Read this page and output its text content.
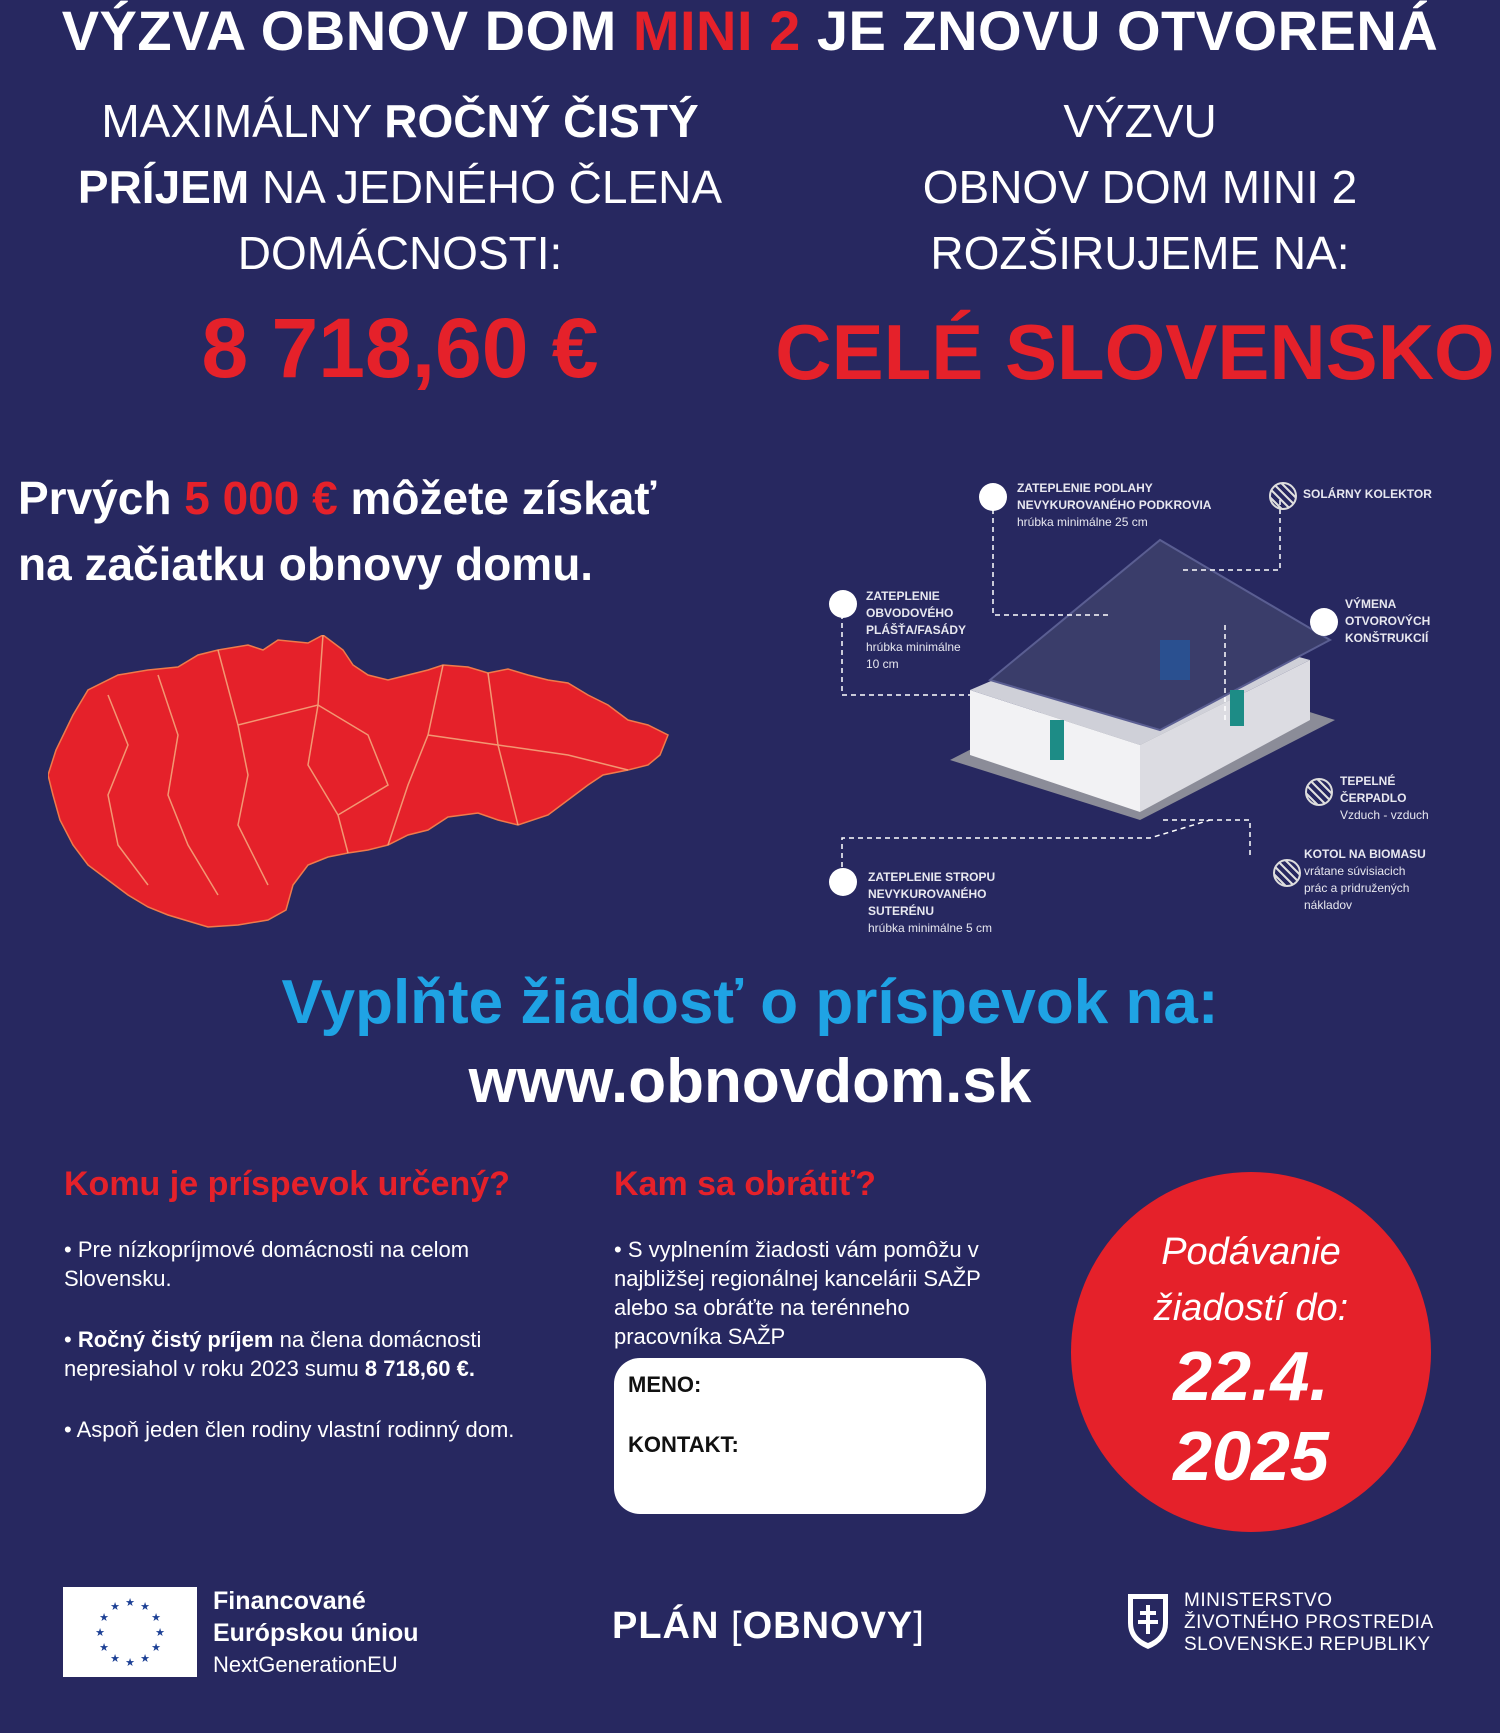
VÝZVA OBNOV DOM MINI 2 JE ZNOVU OTVORENÁ
MAXIMÁLNY ROČNÝ ČISTÝ
PRÍJEM NA JEDNÉHO ČLENA
DOMÁCNOSTI:
8 718,60 €
VÝZVU
OBNOV DOM MINI 2
ROZŠIRUJEME NA:
CELÉ SLOVENSKO
Prvých 5 000 € môžete získať
na začiatku obnovy domu.
ZATEPLENIE PODLAHY
NEVYKUROVANÉHO PODKROVIA
hrúbka minimálne 25 cm
SOLÁRNY KOLEKTOR
ZATEPLENIE
OBVODOVÉHO
PLÁŠŤA/FASÁDY
hrúbka minimálne
10 cm
VÝMENA
OTVOROVÝCH
KONŠTRUKCIÍ
TEPELNÉ
ČERPADLO
Vzduch - vzduch
KOTOL NA BIOMASU
vrátane súvisiacich
prác a pridružených
nákladov
ZATEPLENIE STROPU
NEVYKUROVANÉHO
SUTERÉNU
hrúbka minimálne 5 cm
Vyplňte žiadosť o príspevok na:
www.obnovdom.sk
Komu je príspevok určený?

• Pre nízkopríjmové domácnosti na celom Slovensku.

• Ročný čistý príjem na člena domácnosti nepresiahol v roku 2023 sumu 8 718,60 €.

• Aspoň jeden člen rodiny vlastní rodinný dom.

Kam sa obrátiť?
• S vyplnením žiadosti vám pomôžu v najbližšej regionálnej kancelárii SAŽP alebo sa obráťte na terénneho pracovníka SAŽP
MENO:
KONTAKT:
Podávanie
žiadostí do:
22.4.
2025
★ ★
★
★
★
★
★
★
★
★
★
★	Financované
Európskou úniou
NextGenerationEU
PLÁN [OBNOVY]
MINISTERSTVO
ŽIVOTNÉHO PROSTREDIA
SLOVENSKEJ REPUBLIKY
